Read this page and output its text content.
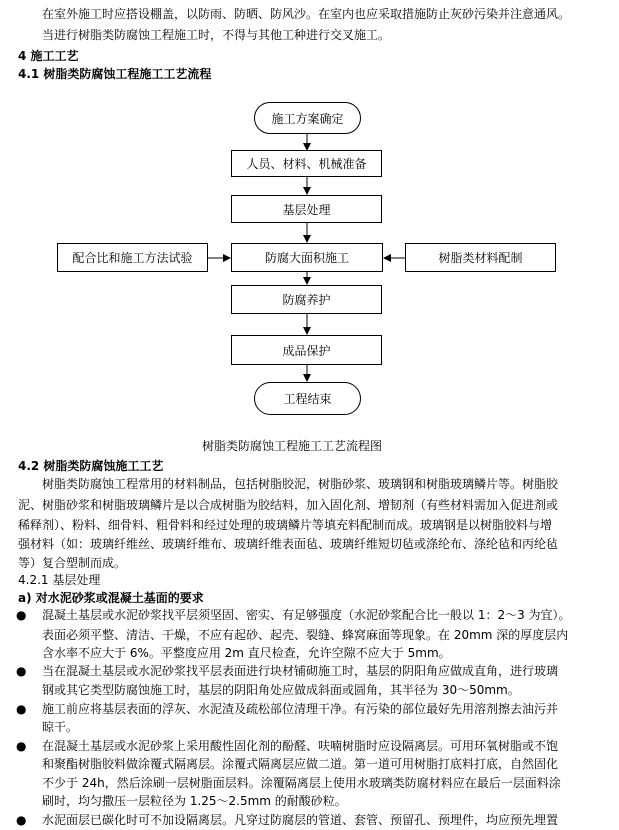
在室外施工时应搭设棚盖，以防雨、防晒、防风沙。在室内也应采取措施防止灰砂污染并注意通风。
当进行树脂类防腐蚀工程施工时，不得与其他工种进行交叉施工。
4 施工工艺
4.1 树脂类防腐蚀工程施工工艺流程
施工方案确定
人员、材料、机械准备
基层处理
配合比和施工方法试验	防腐大面积施工	树脂类材料配制
防腐养护
成品保护
工程结束
树脂类防腐蚀工程施工工艺流程图
4.2 树脂类防腐蚀施工工艺
树脂类防腐蚀工程常用的材料制品，包括树脂胶泥，树脂砂浆、玻璃钢和树脂玻璃鳞片等。树脂胶
泥、树脂砂浆和树脂玻璃鳞片是以合成树脂为胶结料，加入固化剂、增韧剂（有些材料需加入促进剂或
稀释剂）、粉料、细骨料、粗骨料和经过处理的玻璃鳞片等填充料配制而成。玻璃钢是以树脂胶料与增
强材料（如：玻璃纤维丝、玻璃纤维布、玻璃纤维表面毡、玻璃纤维短切毡或涤纶布、涤纶毡和丙纶毡
等）复合塑制而成。
4.2.1 基层处理
a) 对水泥砂浆或混凝土基面的要求
● 混凝土基层或水泥砂浆找平层须坚固、密实、有足够强度（水泥砂浆配合比一般以 1：2～3 为宜）。
表面必须平整、清洁、干燥，不应有起砂、起壳、裂缝、蜂窝麻面等现象。在 20mm 深的厚度层内
含水率不应大于 6%。平整度应用 2m 直尺检查，允许空隙不应大于 5mm。
● 当在混凝土基层或水泥砂浆找平层表面进行块材铺砌施工时，基层的阴阳角应做成直角，进行玻璃
钢或其它类型防腐蚀施工时，基层的阴阳角处应做成斜面或圆角，其半径为 30～50mm。
● 施工前应将基层表面的浮灰、水泥渣及疏松部位清理干净。有污染的部位最好先用溶剂擦去油污并
晾干。
● 在混凝土基层或水泥砂浆上采用酸性固化剂的酚醛、呋喃树脂时应设隔离层。可用环氧树脂或不饱
和聚酯树脂胶料做涂覆式隔离层。涂覆式隔离层应做二道。第一道可用树脂打底料打底，自然固化
不少于 24h，然后涂刷一层树脂面层料。涂覆隔离层上使用水玻璃类防腐材料应在最后一层面料涂
刷时，均匀撒压一层粒径为 1.25～2.5mm 的耐酸砂粒。
● 水泥面层已碳化时可不加设隔离层。凡穿过防腐层的管道、套管、预留孔、预埋件，均应预先埋置
